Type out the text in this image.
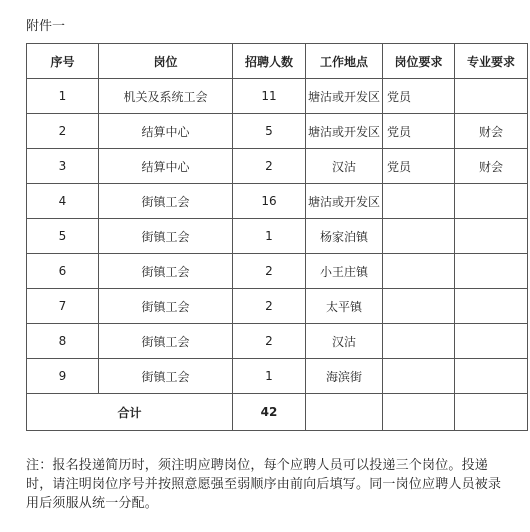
附件一
序号	岗位	招聘人数	工作地点	岗位要求	专业要求
1	机关及系统工会	11	塘沽或开发区	党员	
2	结算中心	5	塘沽或开发区	党员	财会
3	结算中心	2	汉沽	党员	财会
4	街镇工会	16	塘沽或开发区		
5	街镇工会	1	杨家泊镇		
6	街镇工会	2	小王庄镇		
7	街镇工会	2	太平镇		
8	街镇工会	2	汉沽		
9	街镇工会	1	海滨街		
合计		42			
注：报名投递简历时，须注明应聘岗位，每个应聘人员可以投递三个岗位。投递时，请注明岗位序号并按照意愿强至弱顺序由前向后填写。同一岗位应聘人员被录用后须服从统一分配。
